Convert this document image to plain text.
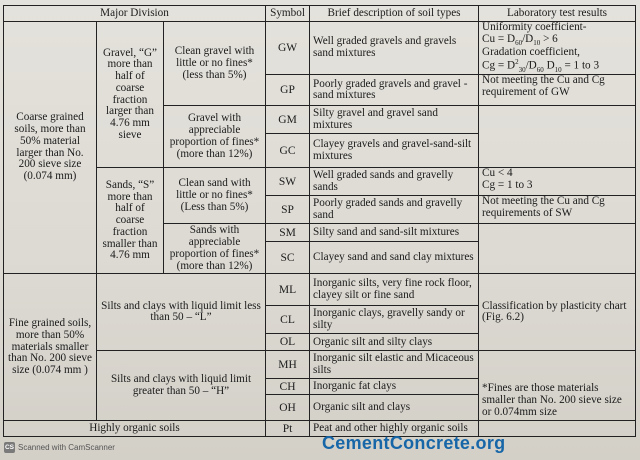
Major Division			Symbol	Brief description of soil types	Laboratory test results
Coarse grained soils, more than 50% material larger than No. 200 sieve size (0.074 mm)	Gravel, “G” more than half of coarse fraction larger than 4.76 mm sieve	Clean gravel with little or no fines* (less than 5%)	GW	Well graded gravels and gravels sand mixtures	Uniformity coefficient-
$Cu = D_{60}/D_{10} > 6$
Gradation coefficient,
$Cg = D^2_{30}/D_{60}$ $D_{10} = 1$ to 3

			GP	Poorly graded gravels and gravel -sand mixtures	Not meeting the Cu and Cg requirement of GW
		Gravel with appreciable proportion of fines* (more than 12%)	GM	Silty gravel and gravel sand mixtures	
			GC	Clayey gravels and gravel-sand-silt mixtures	
	Sands, “S” more than half of coarse fraction smaller than 4.76 mm	Clean sand with little or no fines* (Less than 5%)	SW	Well graded sands and gravelly sands	Cu < 4
Cg = 1 to 3

			SP	Poorly graded sands and gravelly sand	Not meeting the Cu and Cg requirements of SW
		Sands with appreciable proportion of fines* (more than 12%)	SM	Silty sand and sand-silt mixtures	
			SC	Clayey sand and sand clay mixtures	
Fine grained soils, more than 50% materials smaller than No. 200 sieve size (0.074 mm )	Silts and clays with liquid limit less than 50 – “L”		ML	Inorganic silts, very fine rock floor, clayey silt or fine sand	Classification by plasticity chart (Fig. 6.2)
			CL	Inorganic clays, gravelly sandy or silty	
			OL	Organic silt and silty clays	
	Silts and clays with liquid limit greater than 50 – “H”		MH	Inorganic silt elastic and Micaceous silts	*Fines are those materials smaller than No. 200 sieve size or 0.074mm size
			CH	Inorganic fat clays	
			OH	Organic silt and clays	
Highly organic soils			Pt	Peat and other highly organic soils	
CS Scanned with CamScanner	CementConcrete.org
